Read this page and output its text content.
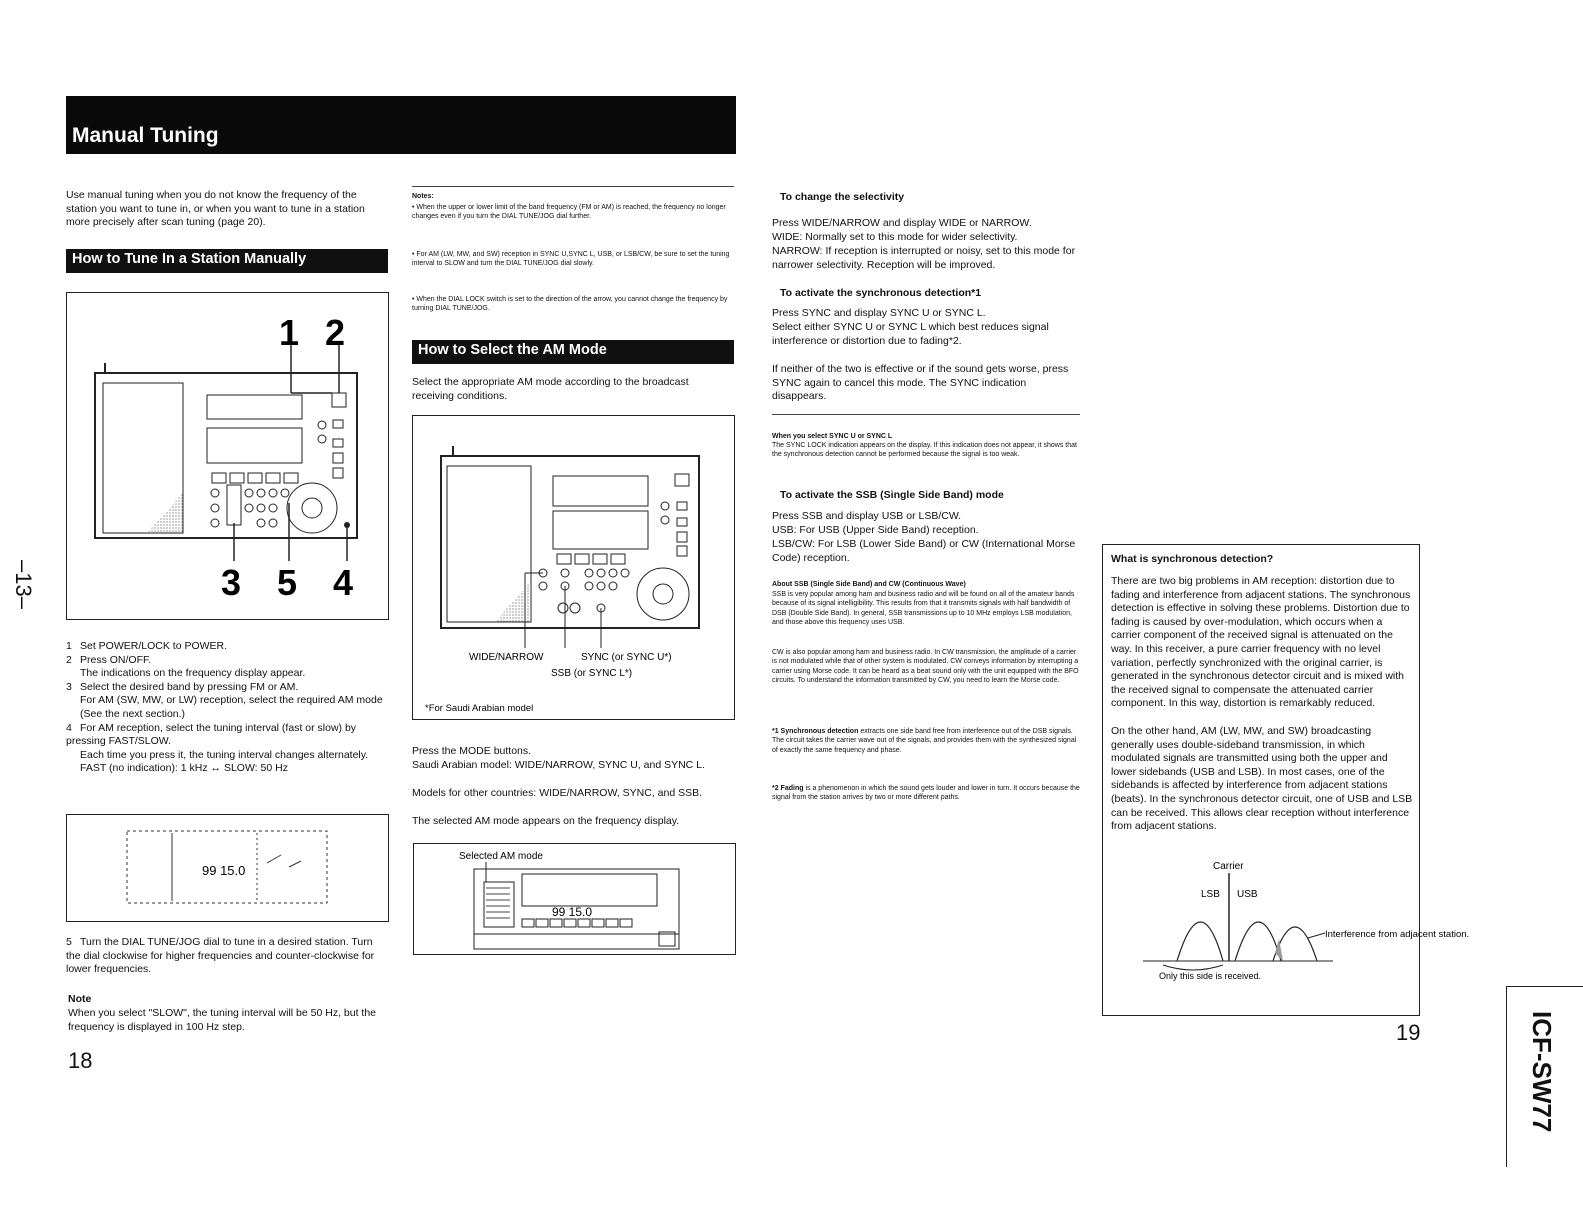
–13–
Manual Tuning

Use manual tuning when you do not know the frequency of the station you want to tune in, or when you want to tune in a station more precisely after scan tuning (page 20).

How to Tune In a Station Manually
1 2
3 5 4
1 Set POWER/LOCK to POWER.
2 Press ON/OFF.
The indications on the frequency display appear.
3 Select the desired band by pressing FM or AM.
For AM (SW, MW, or LW) reception, select the required AM mode (See the next section.)
4 For AM reception, select the tuning interval (fast or slow) by pressing FAST/SLOW.
Each time you press it, the tuning interval changes alternately.
FAST (no indication): 1 kHz ↔ SLOW: 50 Hz
99 15.0

5 Turn the DIAL TUNE/JOG dial to tune in a desired station. Turn the dial clockwise for higher frequencies and counter-clockwise for lower frequencies.

Note

When you select "SLOW", the tuning interval will be 50 Hz, but the frequency is displayed in 100 Hz step.

18

Notes:

• When the upper or lower limit of the band frequency (FM or AM) is reached, the frequency no longer changes even if you turn the DIAL TUNE/JOG dial further.

• For AM (LW, MW, and SW) reception in SYNC U,SYNC L, USB, or LSB/CW, be sure to set the tuning interval to SLOW and turn the DIAL TUNE/JOG dial slowly.

• When the DIAL LOCK switch is set to the direction of the arrow, you cannot change the frequency by turning DIAL TUNE/JOG.

How to Select the AM Mode

Select the appropriate AM mode according to the broadcast receiving conditions.

WIDE/NARROW	SYNC (or SYNC U*)
SSB (or SYNC L*)
*For Saudi Arabian model

Press the MODE buttons.

Saudi Arabian model: WIDE/NARROW, SYNC U, and SYNC L.

Models for other countries: WIDE/NARROW, SYNC, and SSB.

The selected AM mode appears on the frequency display.

Selected AM mode
99 15.0

To change the selectivity

Press WIDE/NARROW and display WIDE or NARROW.

WIDE: Normally set to this mode for wider selectivity.

NARROW: If reception is interrupted or noisy, set to this mode for narrower selectivity. Reception will be improved.

To activate the synchronous detection*1

Press SYNC and display SYNC U or SYNC L.

Select either SYNC U or SYNC L which best reduces signal interference or distortion due to fading*2.

If neither of the two is effective or if the sound gets worse, press SYNC again to cancel this mode. The SYNC indication disappears.

When you select SYNC U or SYNC L

The SYNC LOCK indication appears on the display. If this indication does not appear, it shows that the synchronous detection cannot be performed because the signal is too weak.

To activate the SSB (Single Side Band) mode

Press SSB and display USB or LSB/CW.

USB: For USB (Upper Side Band) reception.

LSB/CW: For LSB (Lower Side Band) or CW (International Morse Code) reception.

About SSB (Single Side Band) and CW (Continuous Wave)

SSB is very popular among ham and business radio and will be found on all of the amateur bands because of its signal intelligibility. This results from that it transmits signals with half bandwidth of DSB (Double Side Band). In general, SSB transmissions up to 10 MHz employs LSB modulation, and those above this frequency uses USB.

CW is also popular among ham and business radio. In CW transmission, the amplitude of a carrier is not modulated while that of other system is modulated. CW conveys information by interrupting a carrier using Morse code. It can be heard as a beat sound only with the unit equipped with the BFO circuits. To understand the information transmitted by CW, you need to learn the Morse code.

*1 Synchronous detection extracts one side band free from interference out of the DSB signals. The circuit takes the carrier wave out of the signals, and provides them with the synthesized signal of exactly the same frequency and phase.

*2 Fading is a phenomenon in which the sound gets louder and lower in turn. It occurs because the signal from the station arrives by two or more different paths.

What is synchronous detection?

There are two big problems in AM reception: distortion due to fading and interference from adjacent stations. The synchronous detection is effective in solving these problems. Distortion due to fading is caused by over-modulation, which occurs when a carrier component of the received signal is attenuated on the way. In this receiver, a pure carrier frequency with no level variation, perfectly synchronized with the original carrier, is generated in the synchronous detector circuit and is mixed with the received signal to compensate the attenuated carrier component. In this way, distortion is remarkably reduced.

On the other hand, AM (LW, MW, and SW) broadcasting generally uses double-sideband transmission, in which modulated signals are transmitted using both the upper and lower sidebands (USB and LSB). In most cases, one of the sidebands is affected by interference from adjacent stations (beats). In the synchronous detector circuit, one of USB and LSB can be received. This allows clear reception without interference from adjacent stations.

Carrier
LSB USB
Interference from adjacent station.
Only this side is received.
19	ICF-SW77
